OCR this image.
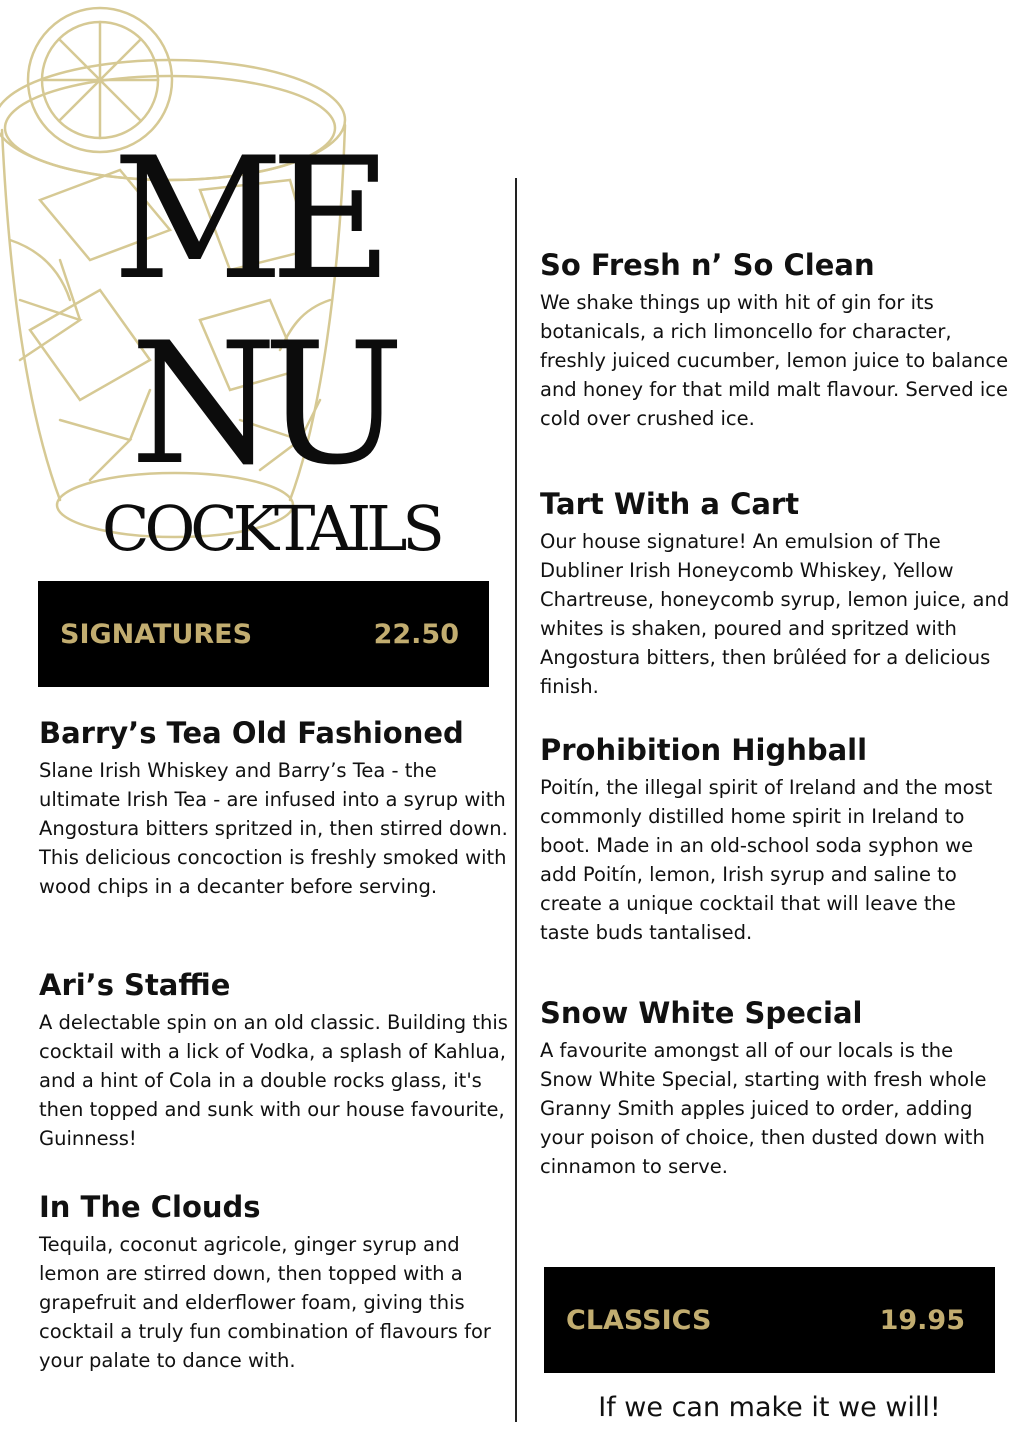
ME
NU
COCKTAILS
SIGNATURES	22.50
Barry’s Tea Old Fashioned

Slane Irish Whiskey and Barry’s Tea - the ultimate Irish Tea - are infused into a syrup with Angostura bitters spritzed in, then stirred down. This delicious concoction is freshly smoked with wood chips in a decanter before serving.

Ari’s Staffie

A delectable spin on an old classic. Building this cocktail with a lick of Vodka, a splash of Kahlua, and a hint of Cola in a double rocks glass, it's then topped and sunk with our house favourite, Guinness!

In The Clouds

Tequila, coconut agricole, ginger syrup and lemon are stirred down, then topped with a grapefruit and elderflower foam, giving this cocktail a truly fun combination of flavours for your palate to dance with.

So Fresh n’ So Clean

We shake things up with hit of gin for its botanicals, a rich limoncello for character, freshly juiced cucumber, lemon juice to balance and honey for that mild malt flavour. Served ice cold over crushed ice.

Tart With a Cart

Our house signature! An emulsion of The Dubliner Irish Honeycomb Whiskey, Yellow Chartreuse, honeycomb syrup, lemon juice, and whites is shaken, poured and spritzed with Angostura bitters, then brûléed for a delicious finish.

Prohibition Highball

Poitín, the illegal spirit of Ireland and the most commonly distilled home spirit in Ireland to boot. Made in an old-school soda syphon we add Poitín, lemon, Irish syrup and saline to create a unique cocktail that will leave the taste buds tantalised.

Snow White Special

A favourite amongst all of our locals is the Snow White Special, starting with fresh whole Granny Smith apples juiced to order, adding your poison of choice, then dusted down with cinnamon to serve.

CLASSICS	19.95
If we can make it we will!
